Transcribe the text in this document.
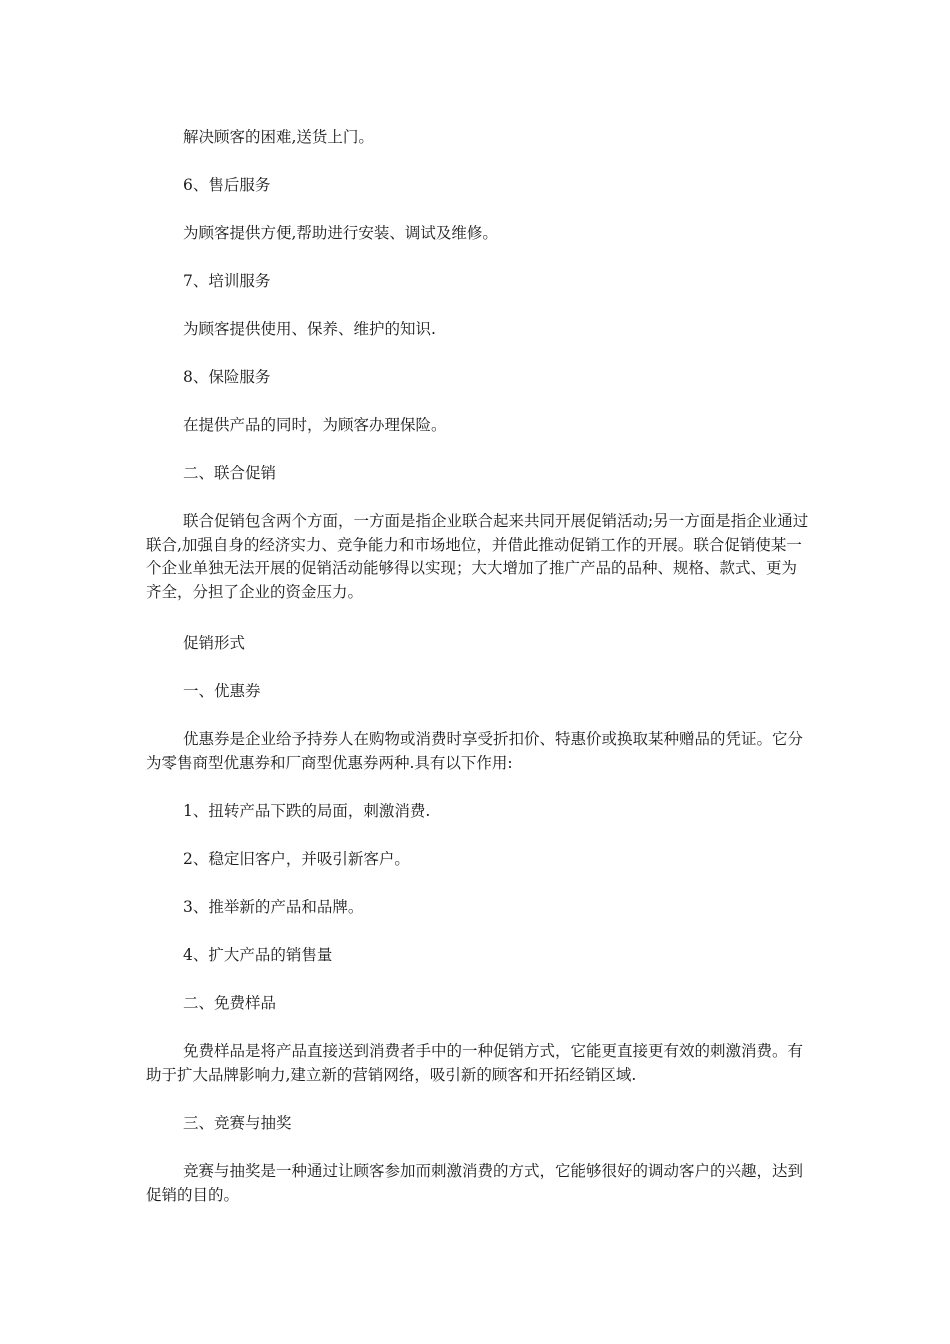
解决顾客的困难,送货上门。

6、售后服务

为顾客提供方便,帮助进行安装、调试及维修。

7、培训服务

为顾客提供使用、保养、维护的知识.

8、保险服务

在提供产品的同时，为顾客办理保险。

二、联合促销

联合促销包含两个方面，一方面是指企业联合起来共同开展促销活动;另一方面是指企业通过联合,加强自身的经济实力、竞争能力和市场地位，并借此推动促销工作的开展。联合促销使某一个企业单独无法开展的促销活动能够得以实现；大大增加了推广产品的品种、规格、款式、更为齐全，分担了企业的资金压力。

促销形式

一、优惠券

优惠券是企业给予持券人在购物或消费时享受折扣价、特惠价或换取某种赠品的凭证。它分为零售商型优惠券和厂商型优惠券两种.具有以下作用:

1、扭转产品下跌的局面，刺激消费.

2、稳定旧客户，并吸引新客户。

3、推举新的产品和品牌。

4、扩大产品的销售量

二、免费样品

免费样品是将产品直接送到消费者手中的一种促销方式，它能更直接更有效的刺激消费。有助于扩大品牌影响力,建立新的营销网络，吸引新的顾客和开拓经销区域.

三、竞赛与抽奖

竞赛与抽奖是一种通过让顾客参加而刺激消费的方式，它能够很好的调动客户的兴趣，达到促销的目的。
